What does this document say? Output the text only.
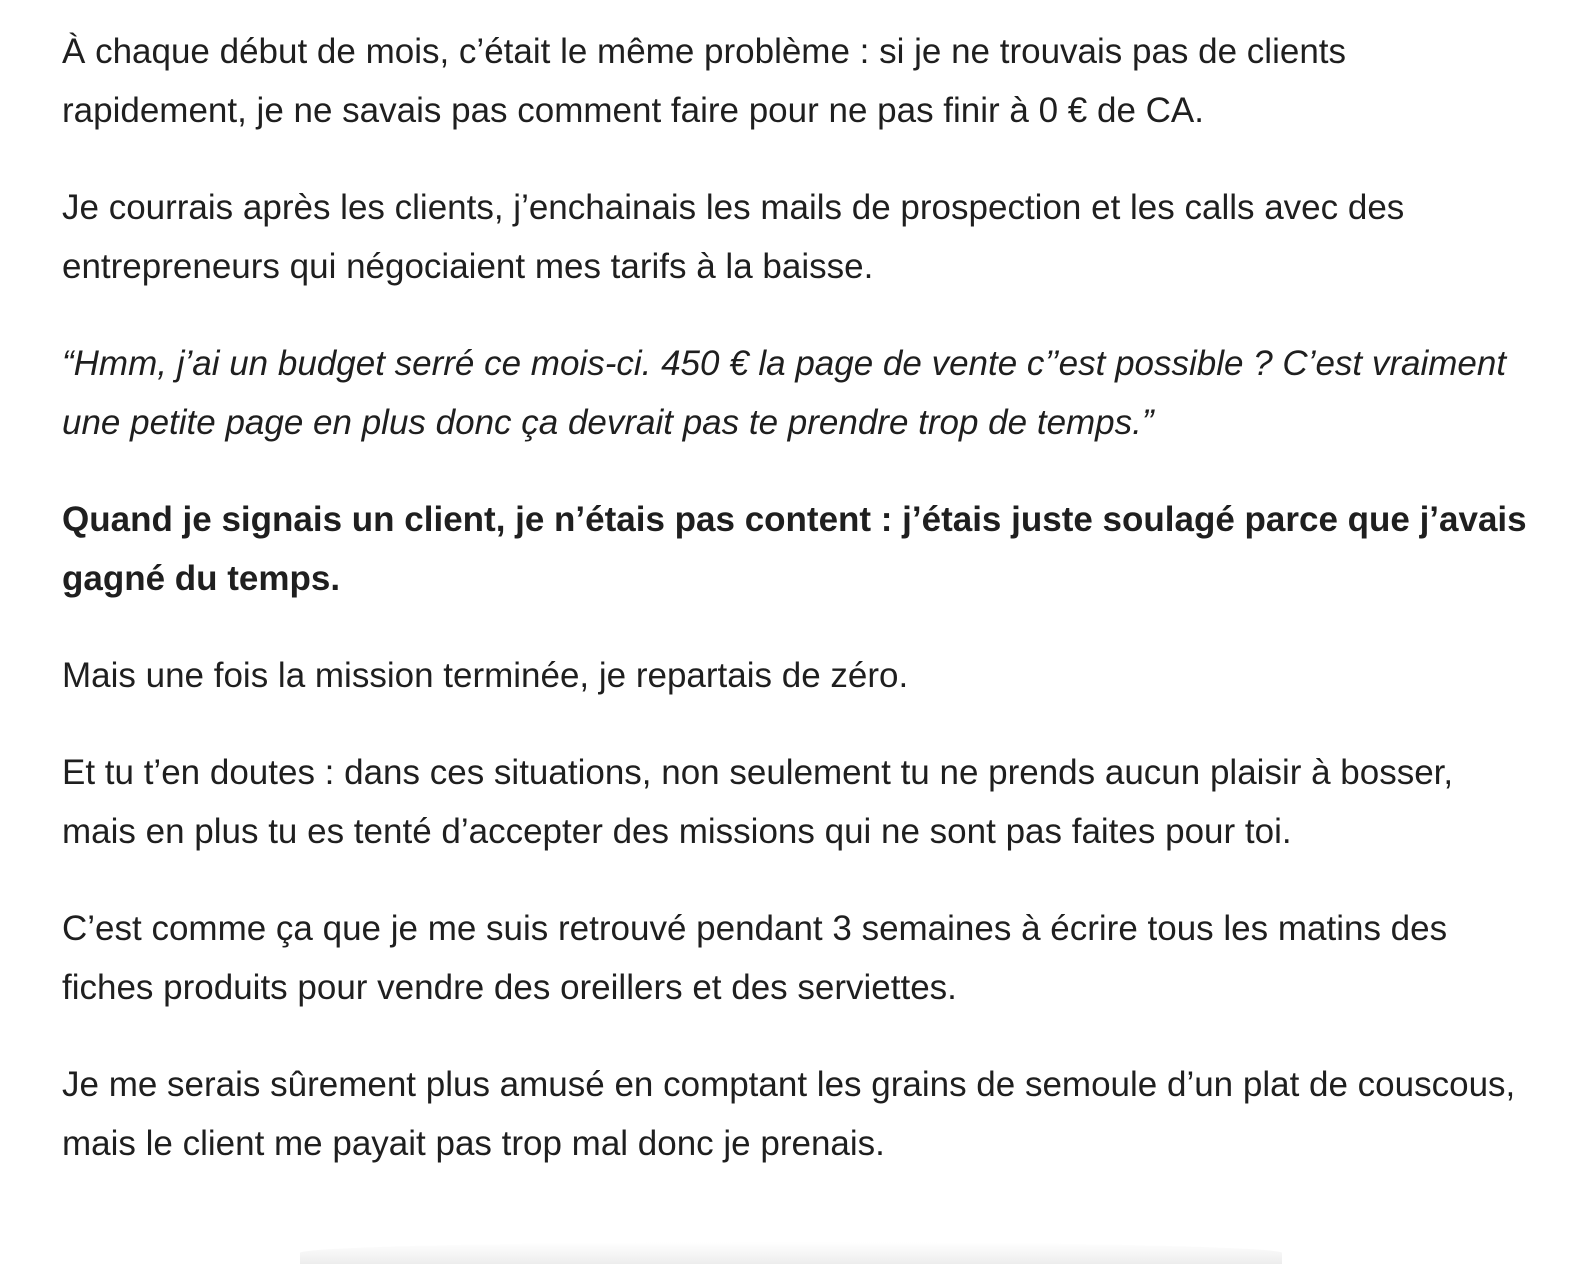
À chaque début de mois, c’était le même problème : si je ne trouvais pas de clients rapidement, je ne savais pas comment faire pour ne pas finir à 0 € de CA.

Je courrais après les clients, j’enchainais les mails de prospection et les calls avec des entrepreneurs qui négociaient mes tarifs à la baisse.

“Hmm, j’ai un budget serré ce mois-ci. 450 € la page de vente c’’est possible ? C’est vraiment une petite page en plus donc ça devrait pas te prendre trop de temps.”

Quand je signais un client, je n’étais pas content : j’étais juste soulagé parce que j’avais gagné du temps.

Mais une fois la mission terminée, je repartais de zéro.

Et tu t’en doutes : dans ces situations, non seulement tu ne prends aucun plaisir à bosser, mais en plus tu es tenté d’accepter des missions qui ne sont pas faites pour toi.

C’est comme ça que je me suis retrouvé pendant 3 semaines à écrire tous les matins des fiches produits pour vendre des oreillers et des serviettes.

Je me serais sûrement plus amusé en comptant les grains de semoule d’un plat de couscous, mais le client me payait pas trop mal donc je prenais.
